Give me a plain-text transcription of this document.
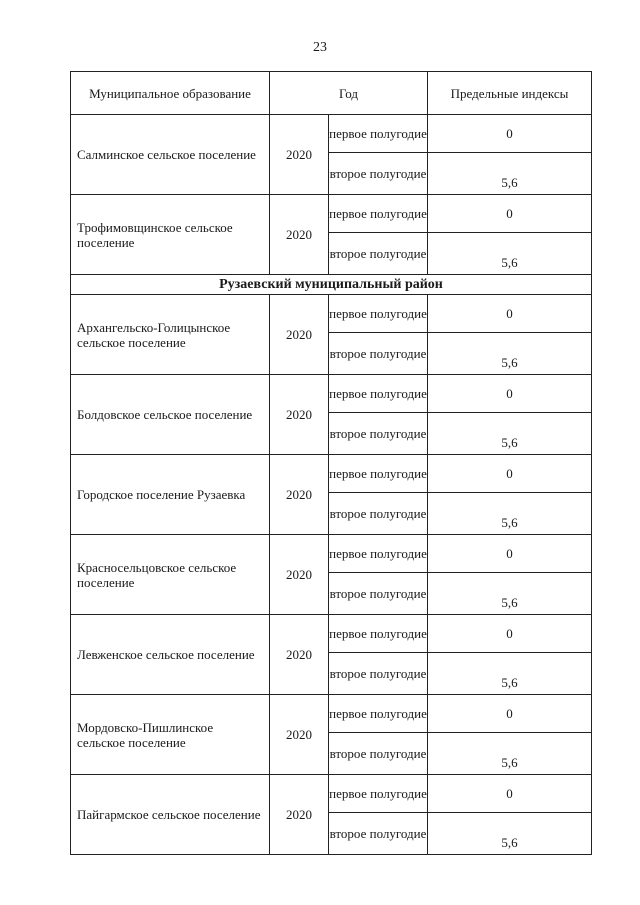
23
Муниципальное образование	Год		Предельные индексы
Салминское сельское поселение	2020	первое полугодие	0
		второе полугодие	5,6
Трофимовщинское сельское поселение	2020	первое полугодие	0
		второе полугодие	5,6
Рузаевский муниципальный район			
Архангельско-Голицынское сельское поселение	2020	первое полугодие	0
		второе полугодие	5,6
Болдовское сельское поселение	2020	первое полугодие	0
		второе полугодие	5,6
Городское поселение Рузаевка	2020	первое полугодие	0
		второе полугодие	5,6
Красносельцовское сельское поселение	2020	первое полугодие	0
		второе полугодие	5,6
Левженское сельское поселение	2020	первое полугодие	0
		второе полугодие	5,6
Мордовско-Пишлинское сельское поселение	2020	первое полугодие	0
		второе полугодие	5,6
Пайгармское сельское поселение	2020	первое полугодие	0
		второе полугодие	5,6
